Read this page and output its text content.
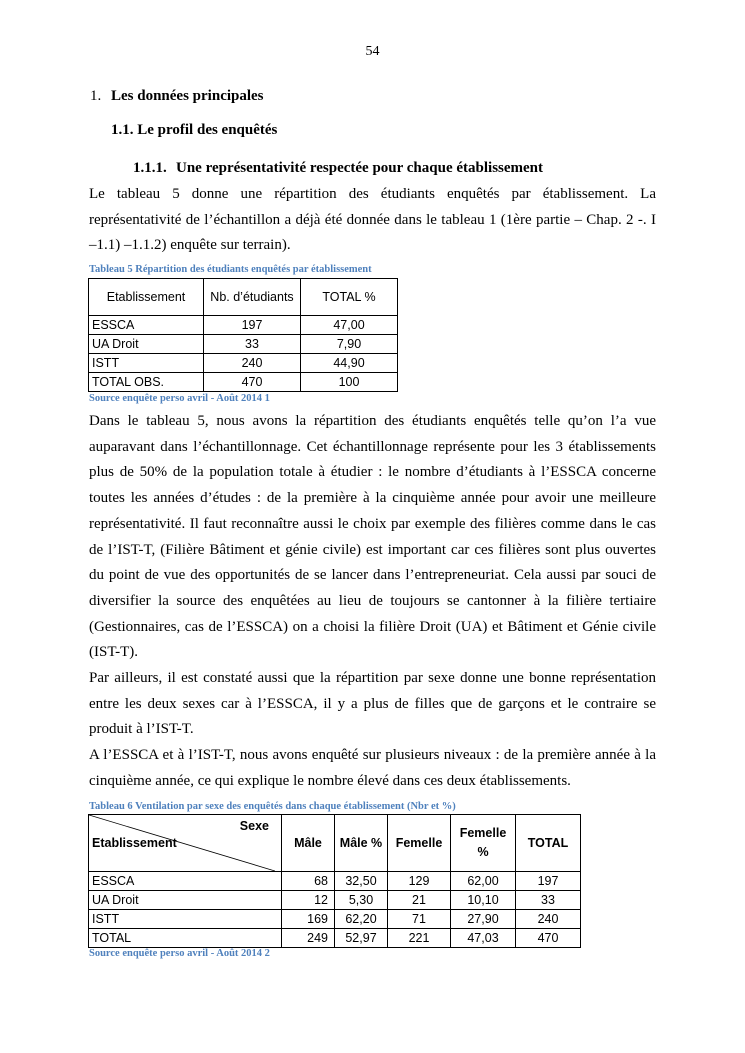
54
1. Les données principales
1.1. Le profil des enquêtés
1.1.1. Une représentativité respectée pour chaque établissement

Le tableau 5 donne une répartition des étudiants enquêtés par établissement. La représentativité de l’échantillon a déjà été donnée dans le tableau 1 (1ère partie – Chap. 2 -. I –1.1) –1.1.2) enquête sur terrain).

Tableau 5 Répartition des étudiants enquêtés par établissement
Etablissement	Nb. d’étudiants	TOTAL %
ESSCA	197	47,00
UA Droit	33	7,90
ISTT	240	44,90
TOTAL OBS.	470	100
Source enquête perso avril - Août 2014 1

Dans le tableau 5, nous avons la répartition des étudiants enquêtés telle qu’on l’a vue auparavant dans l’échantillonnage. Cet échantillonnage représente pour les 3 établissements plus de 50% de la population totale à étudier : le nombre d’étudiants à l’ESSCA concerne toutes les années d’études : de la première à la cinquième année pour avoir une meilleure représentativité. Il faut reconnaître aussi le choix par exemple des filières comme dans le cas de l’IST-T, (Filière Bâtiment et génie civile) est important car ces filières sont plus ouvertes du point de vue des opportunités de se lancer dans l’entrepreneuriat. Cela aussi par souci de diversifier la source des enquêtées au lieu de toujours se cantonner à la filière tertiaire (Gestionnaires, cas de l’ESSCA) on a choisi la filière Droit (UA) et Bâtiment et Génie civile (IST-T).

Par ailleurs, il est constaté aussi que la répartition par sexe donne une bonne représentation entre les deux sexes car à l’ESSCA, il y a plus de filles que de garçons et le contraire se produit à l’IST-T.

A l’ESSCA et à l’IST-T, nous avons enquêté sur plusieurs niveaux : de la première année à la cinquième année, ce qui explique le nombre élevé dans ces deux établissements.

Tableau 6 Ventilation par sexe des enquêtés dans chaque établissement (Nbr et %)
Sexe
Etablissement	Mâle	Mâle %	Femelle	Femelle %	TOTAL
ESSCA	68	32,50	129	62,00	197
UA Droit	12	5,30	21	10,10	33
ISTT	169	62,20	71	27,90	240
TOTAL	249	52,97	221	47,03	470
Source enquête perso avril - Août 2014 2
